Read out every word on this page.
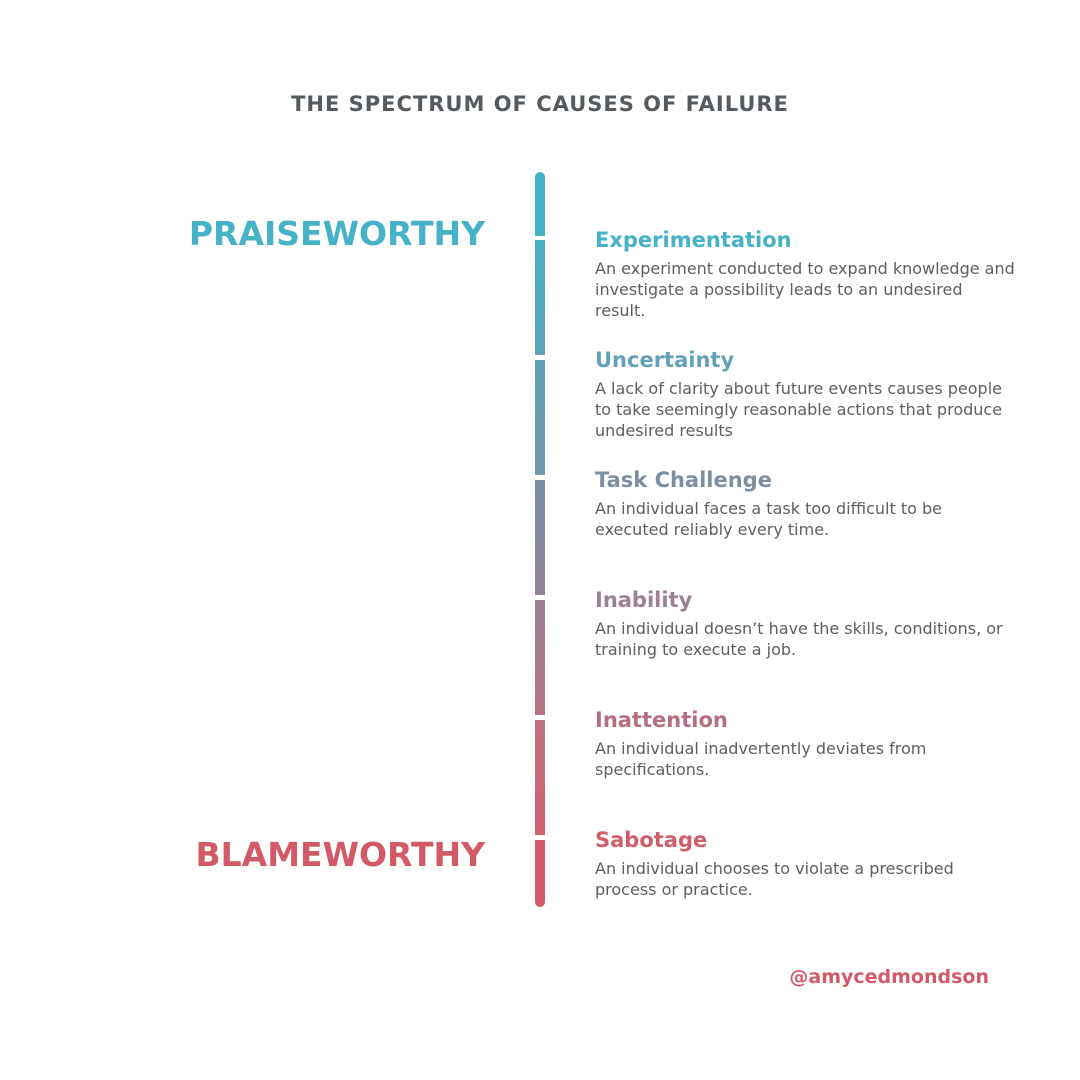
THE SPECTRUM OF CAUSES OF FAILURE
PRAISEWORTHY
BLAMEWORTHY
Experimentation
An experiment conducted to expand knowledge and investigate a possibility leads to an undesired result.
Uncertainty
A lack of clarity about future events causes people to take seemingly reasonable actions that produce undesired results
Task Challenge
An individual faces a task too difficult to be executed reliably every time.
Inability
An individual doesn’t have the skills, conditions, or training to execute a job.
Inattention
An individual inadvertently deviates from specifications.
Sabotage
An individual chooses to violate a prescribed process or practice.
@amycedmondson
